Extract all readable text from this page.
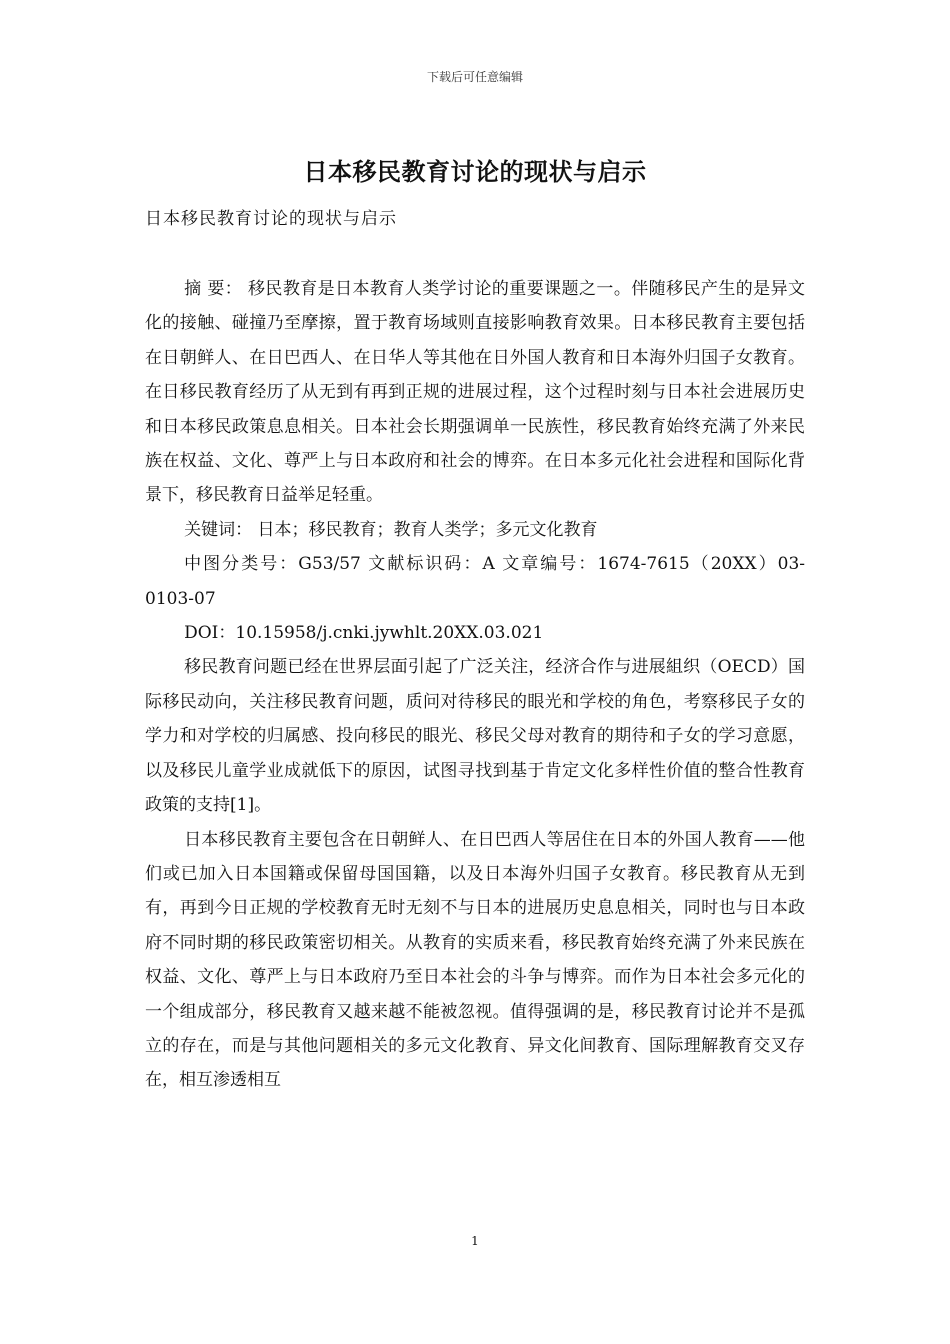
下载后可任意编辑
日本移民教育讨论的现状与启示
日本移民教育讨论的现状与启示

摘 要： 移民教育是日本教育人类学讨论的重要课题之一。伴随移民产生的是异文化的接触、碰撞乃至摩擦，置于教育场域则直接影响教育效果。日本移民教育主要包括在日朝鲜人、在日巴西人、在日华人等其他在日外国人教育和日本海外归国子女教育。在日移民教育经历了从无到有再到正规的进展过程，这个过程时刻与日本社会进展历史和日本移民政策息息相关。日本社会长期强调单一民族性，移民教育始终充满了外来民族在权益、文化、尊严上与日本政府和社会的博弈。在日本多元化社会进程和国际化背景下，移民教育日益举足轻重。

关键词： 日本；移民教育；教育人类学；多元文化教育

中图分类号：G53/57 文献标识码：A 文章编号：1674-7615（20XX）03-0103-07

DOI：10.15958/j.cnki.jywhlt.20XX.03.021

移民教育问题已经在世界层面引起了广泛关注，经济合作与进展組织（OECD）国际移民动向，关注移民教育问题，质问对待移民的眼光和学校的角色，考察移民子女的学力和对学校的归属感、投向移民的眼光、移民父母对教育的期待和子女的学习意愿，以及移民儿童学业成就低下的原因，试图寻找到基于肯定文化多样性价值的整合性教育政策的支持[1]。

日本移民教育主要包含在日朝鲜人、在日巴西人等居住在日本的外国人教育——他们或已加入日本国籍或保留母国国籍，以及日本海外归国子女教育。移民教育从无到有，再到今日正规的学校教育无时无刻不与日本的进展历史息息相关，同时也与日本政府不同时期的移民政策密切相关。从教育的实质来看，移民教育始终充满了外来民族在权益、文化、尊严上与日本政府乃至日本社会的斗争与博弈。而作为日本社会多元化的一个组成部分，移民教育又越来越不能被忽视。值得强调的是，移民教育讨论并不是孤立的存在，而是与其他问题相关的多元文化教育、异文化间教育、国际理解教育交叉存在，相互渗透相互

1
